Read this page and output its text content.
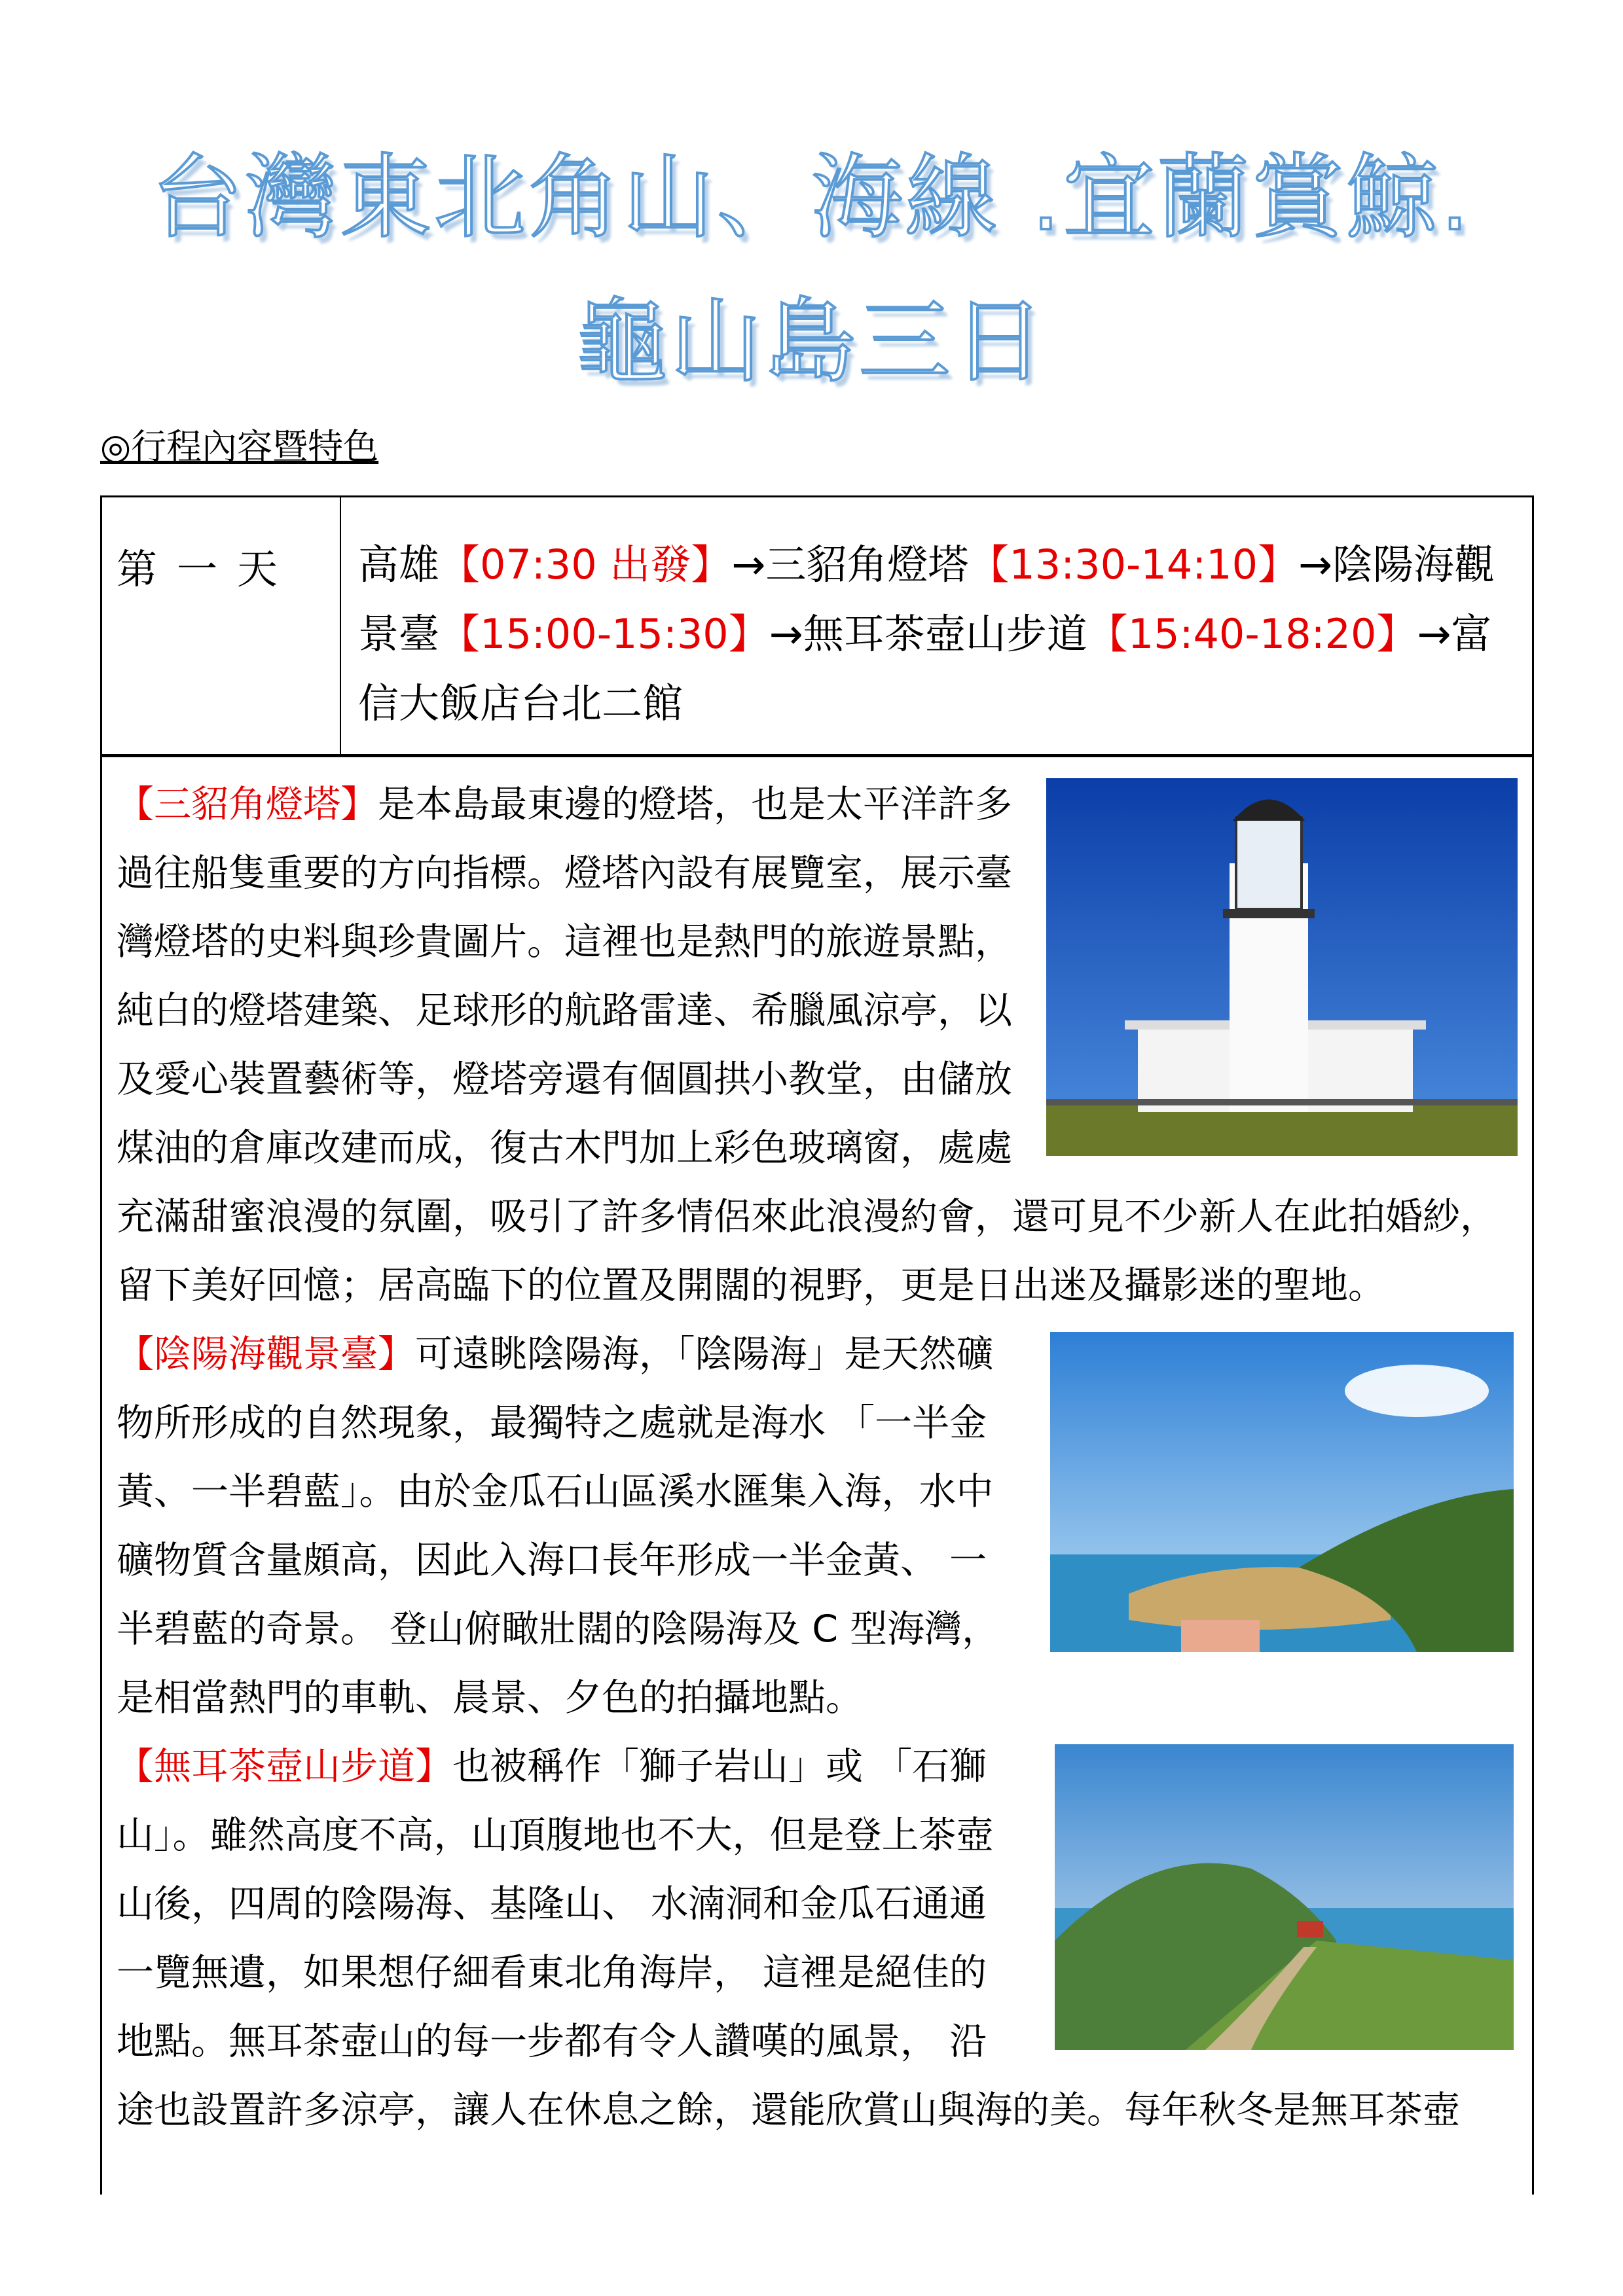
台灣東北角山、海線 .宜蘭賞鯨.
龜山島三日
◎行程內容暨特色
第一天	高雄【07:30 出發】→三貂角燈塔【13:30-14:10】→陰陽海觀景臺【15:00-15:30】→無耳茶壺山步道【15:40-18:20】→富信大飯店台北二館

【三貂角燈塔】是本島最東邊的燈塔，也是太平洋許多過往船隻重要的方向指標。燈塔內設有展覽室，展示臺灣燈塔的史料與珍貴圖片。這裡也是熱門的旅遊景點，純白的燈塔建築、足球形的航路雷達、希臘風涼亭，以及愛心裝置藝術等，燈塔旁還有個圓拱小教堂，由儲放煤油的倉庫改建而成，復古木門加上彩色玻璃窗，處處充滿甜蜜浪漫的氛圍，吸引了許多情侶來此浪漫約會，還可見不少新人在此拍婚紗，留下美好回憶；居高臨下的位置及開闊的視野，更是日出迷及攝影迷的聖地。

【陰陽海觀景臺】可遠眺陰陽海，「陰陽海」是天然礦物所形成的自然現象，最獨特之處就是海水 「一半金黃、一半碧藍」。由於金瓜石山區溪水匯集入海，水中礦物質含量頗高，因此入海口長年形成一半金黃、 一半碧藍的奇景。 登山俯瞰壯闊的陰陽海及 C 型海灣，是相當熱門的車軌、晨景、夕色的拍攝地點。

【無耳茶壺山步道】也被稱作「獅子岩山」或 「石獅山」。雖然高度不高，山頂腹地也不大，但是登上茶壺山後，四周的陰陽海、基隆山、 水湳洞和金瓜石通通一覽無遺，如果想仔細看東北角海岸， 這裡是絕佳的地點。無耳茶壺山的每一步都有令人讚嘆的風景， 沿途也設置許多涼亭，讓人在休息之餘，還能欣賞山與海的美。每年秋冬是無耳茶壺
